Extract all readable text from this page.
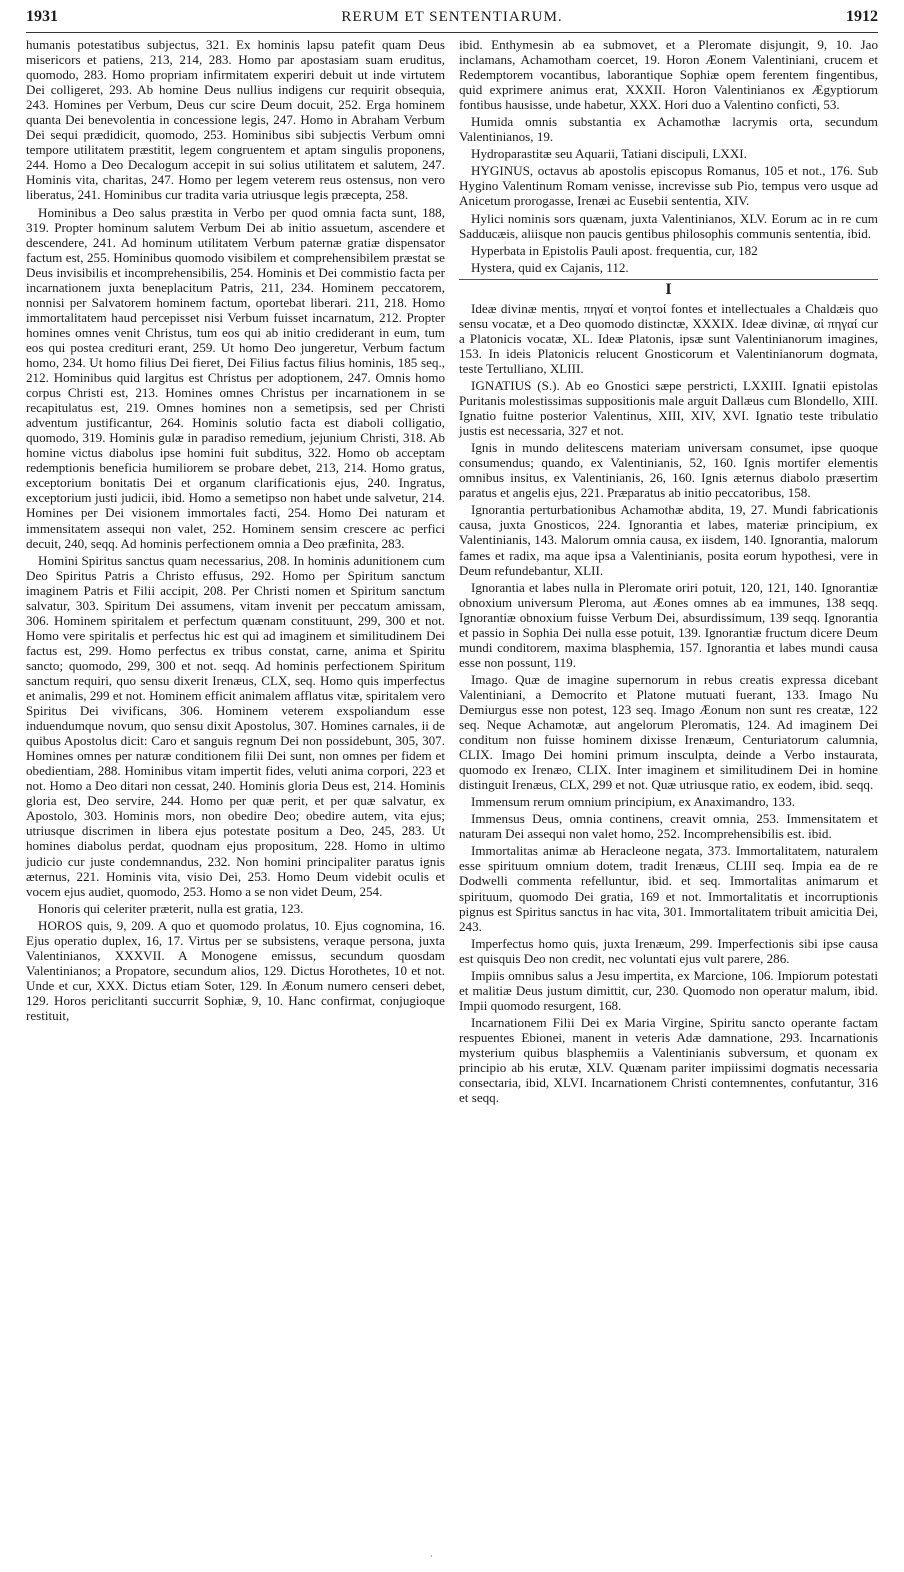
1931	RERUM ET SENTENTIARUM.	1912

humanis potestatibus subjectus, 321. Ex hominis lapsu patefit quam Deus misericors et patiens, 213, 214, 283. Homo par apostasiam suam eruditus, quomodo, 283. Homo propriam infirmitatem experiri debuit ut inde virtutem Dei colligeret, 293. Ab homine Deus nullius indigens cur requirit obsequia, 243. Homines per Verbum, Deus cur scire Deum docuit, 252. Erga hominem quanta Dei benevolentia in concessione legis, 247. Homo in Abraham Verbum Dei sequi prædidicit, quomodo, 253. Hominibus sibi subjectis Verbum omni tempore utilitatem præstitit, legem congruentem et aptam singulis proponens, 244. Homo a Deo Decalogum accepit in sui solius utilitatem et salutem, 247. Hominis vita, charitas, 247. Homo per legem veterem reus ostensus, non vero liberatus, 241. Hominibus cur tradita varia utriusque legis præcepta, 258.

Hominibus a Deo salus præstita in Verbo per quod omnia facta sunt, 188, 319. Propter hominum salutem Verbum Dei ab initio assuetum, ascendere et descendere, 241. Ad hominum utilitatem Verbum paternæ gratiæ dispensator factum est, 255. Hominibus quomodo visibilem et comprehensibilem præstat se Deus invisibilis et incomprehensibilis, 254. Hominis et Dei commistio facta per incarnationem juxta beneplacitum Patris, 211, 234. Hominem peccatorem, nonnisi per Salvatorem hominem factum, oportebat liberari. 211, 218. Homo immortalitatem haud percepisset nisi Verbum fuisset incarnatum, 212. Propter homines omnes venit Christus, tum eos qui ab initio crediderant in eum, tum eos qui postea credituri erant, 259. Ut homo Deo jungeretur, Verbum factum homo, 234. Ut homo filius Dei fieret, Dei Filius factus filius hominis, 185 seq., 212. Hominibus quid largitus est Christus per adoptionem, 247. Omnis homo corpus Christi est, 213. Homines omnes Christus per incarnationem in se recapitulatus est, 219. Omnes homines non a semetipsis, sed per Christi adventum justificantur, 264. Hominis solutio facta est diaboli colligatio, quomodo, 319. Hominis gulæ in paradiso remedium, jejunium Christi, 318. Ab homine victus diabolus ipse homini fuit subditus, 322. Homo ob acceptam redemptionis beneficia humiliorem se probare debet, 213, 214. Homo gratus, exceptorium bonitatis Dei et organum clarificationis ejus, 240. Ingratus, exceptorium justi judicii, ibid. Homo a semetipso non habet unde salvetur, 214. Homines per Dei visionem immortales facti, 254. Homo Dei naturam et immensitatem assequi non valet, 252. Hominem sensim crescere ac perfici decuit, 240, seqq. Ad hominis perfectionem omnia a Deo præfinita, 283.

Homini Spiritus sanctus quam necessarius, 208. In hominis adunitionem cum Deo Spiritus Patris a Christo effusus, 292. Homo per Spiritum sanctum imaginem Patris et Filii accipit, 208. Per Christi nomen et Spiritum sanctum salvatur, 303. Spiritum Dei assumens, vitam invenit per peccatum amissam, 306. Hominem spiritalem et perfectum quænam constituunt, 299, 300 et not. Homo vere spiritalis et perfectus hic est qui ad imaginem et similitudinem Dei factus est, 299. Homo perfectus ex tribus constat, carne, anima et Spiritu sancto; quomodo, 299, 300 et not. seqq. Ad hominis perfectionem Spiritum sanctum requiri, quo sensu dixerit Irenæus, CLX, seq. Homo quis imperfectus et animalis, 299 et not. Hominem efficit animalem afflatus vitæ, spiritalem vero Spiritus Dei vivificans, 306. Hominem veterem exspoliandum esse induendumque novum, quo sensu dixit Apostolus, 307. Homines carnales, ii de quibus Apostolus dicit: Caro et sanguis regnum Dei non possidebunt, 305, 307. Homines omnes per naturæ conditionem filii Dei sunt, non omnes per fidem et obedientiam, 288. Hominibus vitam impertit fides, veluti anima corpori, 223 et not. Homo a Deo ditari non cessat, 240. Hominis gloria Deus est, 214. Hominis gloria est, Deo servire, 244. Homo per quæ perit, et per quæ salvatur, ex Apostolo, 303. Hominis mors, non obedire Deo; obedire autem, vita ejus; utriusque discrimen in libera ejus potestate positum a Deo, 245, 283. Ut homines diabolus perdat, quodnam ejus propositum, 228. Homo in ultimo judicio cur juste condemnandus, 232. Non homini principaliter paratus ignis æternus, 221. Hominis vita, visio Dei, 253. Homo Deum videbit oculis et vocem ejus audiet, quomodo, 253. Homo a se non videt Deum, 254.

Honoris qui celeriter præterit, nulla est gratia, 123.

HOROS quis, 9, 209. A quo et quomodo prolatus, 10. Ejus cognomina, 16. Ejus operatio duplex, 16, 17. Virtus per se subsistens, veraque persona, juxta Valentinianos, XXXVII. A Monogene emissus, secundum quosdam Valentinianos; a Propatore, secundum alios, 129. Dictus Horothetes, 10 et not. Unde et cur, XXX. Dictus etiam Soter, 129. In Æonum numero censeri debet, 129. Horos periclitanti succurrit Sophiæ, 9, 10. Hanc confirmat, conjugioque restituit,

ibid. Enthymesin ab ea submovet, et a Pleromate disjungit, 9, 10. Jao inclamans, Achamotham coercet, 19. Horon Æonem Valentiniani, crucem et Redemptorem vocantibus, laborantique Sophiæ opem ferentem fingentibus, quid exprimere animus erat, XXXII. Horon Valentinianos ex Ægyptiorum fontibus hausisse, unde habetur, XXX. Hori duo a Valentino conficti, 53.

Humida omnis substantia ex Achamothæ lacrymis orta, secundum Valentinianos, 19.

Hydroparastitæ seu Aquarii, Tatiani discipuli, LXXI.

HYGINUS, octavus ab apostolis episcopus Romanus, 105 et not., 176. Sub Hygino Valentinum Romam venisse, increvisse sub Pio, tempus vero usque ad Anicetum prorogasse, Irenæi ac Eusebii sententia, XIV.

Hylici nominis sors quænam, juxta Valentinianos, XLV. Eorum ac in re cum Sadducæis, aliisque non paucis gentibus philosophis communis sententia, ibid.

Hyperbata in Epistolis Pauli apost. frequentia, cur, 182

Hystera, quid ex Cajanis, 112.

I

Ideæ divinæ mentis, πηγαί et νοητοί fontes et intellectuales a Chaldæis quo sensu vocatæ, et a Deo quomodo distinctæ, XXXIX. Ideæ divinæ, αἱ πηγαί cur a Platonicis vocatæ, XL. Ideæ Platonis, ipsæ sunt Valentinianorum imagines, 153. In ideis Platonicis relucent Gnosticorum et Valentinianorum dogmata, teste Tertulliano, XLIII.

IGNATIUS (S.). Ab eo Gnostici sæpe perstricti, LXXIII. Ignatii epistolas Puritanis molestissimas suppositionis male arguit Dallæus cum Blondello, XIII. Ignatio fuitne posterior Valentinus, XIII, XIV, XVI. Ignatio teste tribulatio justis est necessaria, 327 et not.

Ignis in mundo delitescens materiam universam consumet, ipse quoque consumendus; quando, ex Valentinianis, 52, 160. Ignis mortifer elementis omnibus insitus, ex Valentinianis, 26, 160. Ignis æternus diabolo præsertim paratus et angelis ejus, 221. Præparatus ab initio peccatoribus, 158.

Ignorantia perturbationibus Achamothæ abdita, 19, 27. Mundi fabricationis causa, juxta Gnosticos, 224. Ignorantia et labes, materiæ principium, ex Valentinianis, 143. Malorum omnia causa, ex iisdem, 140. Ignorantia, malorum fames et radix, ma aque ipsa a Valentinianis, posita eorum hypothesi, vere in Deum refundebantur, XLII.

Ignorantia et labes nulla in Pleromate oriri potuit, 120, 121, 140. Ignorantiæ obnoxium universum Pleroma, aut Æones omnes ab ea immunes, 138 seqq. Ignorantiæ obnoxium fuisse Verbum Dei, absurdissimum, 139 seqq. Ignorantia et passio in Sophia Dei nulla esse potuit, 139. Ignorantiæ fructum dicere Deum mundi conditorem, maxima blasphemia, 157. Ignorantia et labes mundi causa esse non possunt, 119.

Imago. Quæ de imagine supernorum in rebus creatis expressa dicebant Valentiniani, a Democrito et Platone mutuati fuerant, 133. Imago Nu Demiurgus esse non potest, 123 seq. Imago Æonum non sunt res creatæ, 122 seq. Neque Achamotæ, aut angelorum Pleromatis, 124. Ad imaginem Dei conditum non fuisse hominem dixisse Irenæum, Centuriatorum calumnia, CLIX. Imago Dei homini primum insculpta, deinde a Verbo instaurata, quomodo ex Irenæo, CLIX. Inter imaginem et similitudinem Dei in homine distinguit Irenæus, CLX, 299 et not. Quæ utriusque ratio, ex eodem, ibid. seqq.

Immensum rerum omnium principium, ex Anaximandro, 133.

Immensus Deus, omnia continens, creavit omnia, 253. Immensitatem et naturam Dei assequi non valet homo, 252. Incomprehensibilis est. ibid.

Immortalitas animæ ab Heracleone negata, 373. Immortalitatem, naturalem esse spirituum omnium dotem, tradit Irenæus, CLIII seq. Impia ea de re Dodwelli commenta refelluntur, ibid. et seq. Immortalitas animarum et spirituum, quomodo Dei gratia, 169 et not. Immortalitatis et incorruptionis pignus est Spiritus sanctus in hac vita, 301. Immortalitatem tribuit amicitia Dei, 243.

Imperfectus homo quis, juxta Irenæum, 299. Imperfectionis sibi ipse causa est quisquis Deo non credit, nec voluntati ejus vult parere, 286.

Impiis omnibus salus a Jesu impertita, ex Marcione, 106. Impiorum potestati et malitiæ Deus justum dimittit, cur, 230. Quomodo non operatur malum, ibid. Impii quomodo resurgent, 168.

Incarnationem Filii Dei ex Maria Virgine, Spiritu sancto operante factam respuentes Ebionei, manent in veteris Adæ damnatione, 293. Incarnationis mysterium quibus blasphemiis a Valentinianis subversum, et quonam ex principio ab his erutæ, XLV. Quænam pariter impiissimi dogmatis necessaria consectaria, ibid, XLVI. Incarnationem Christi contemnentes, confutantur, 316 et seqq.

·
